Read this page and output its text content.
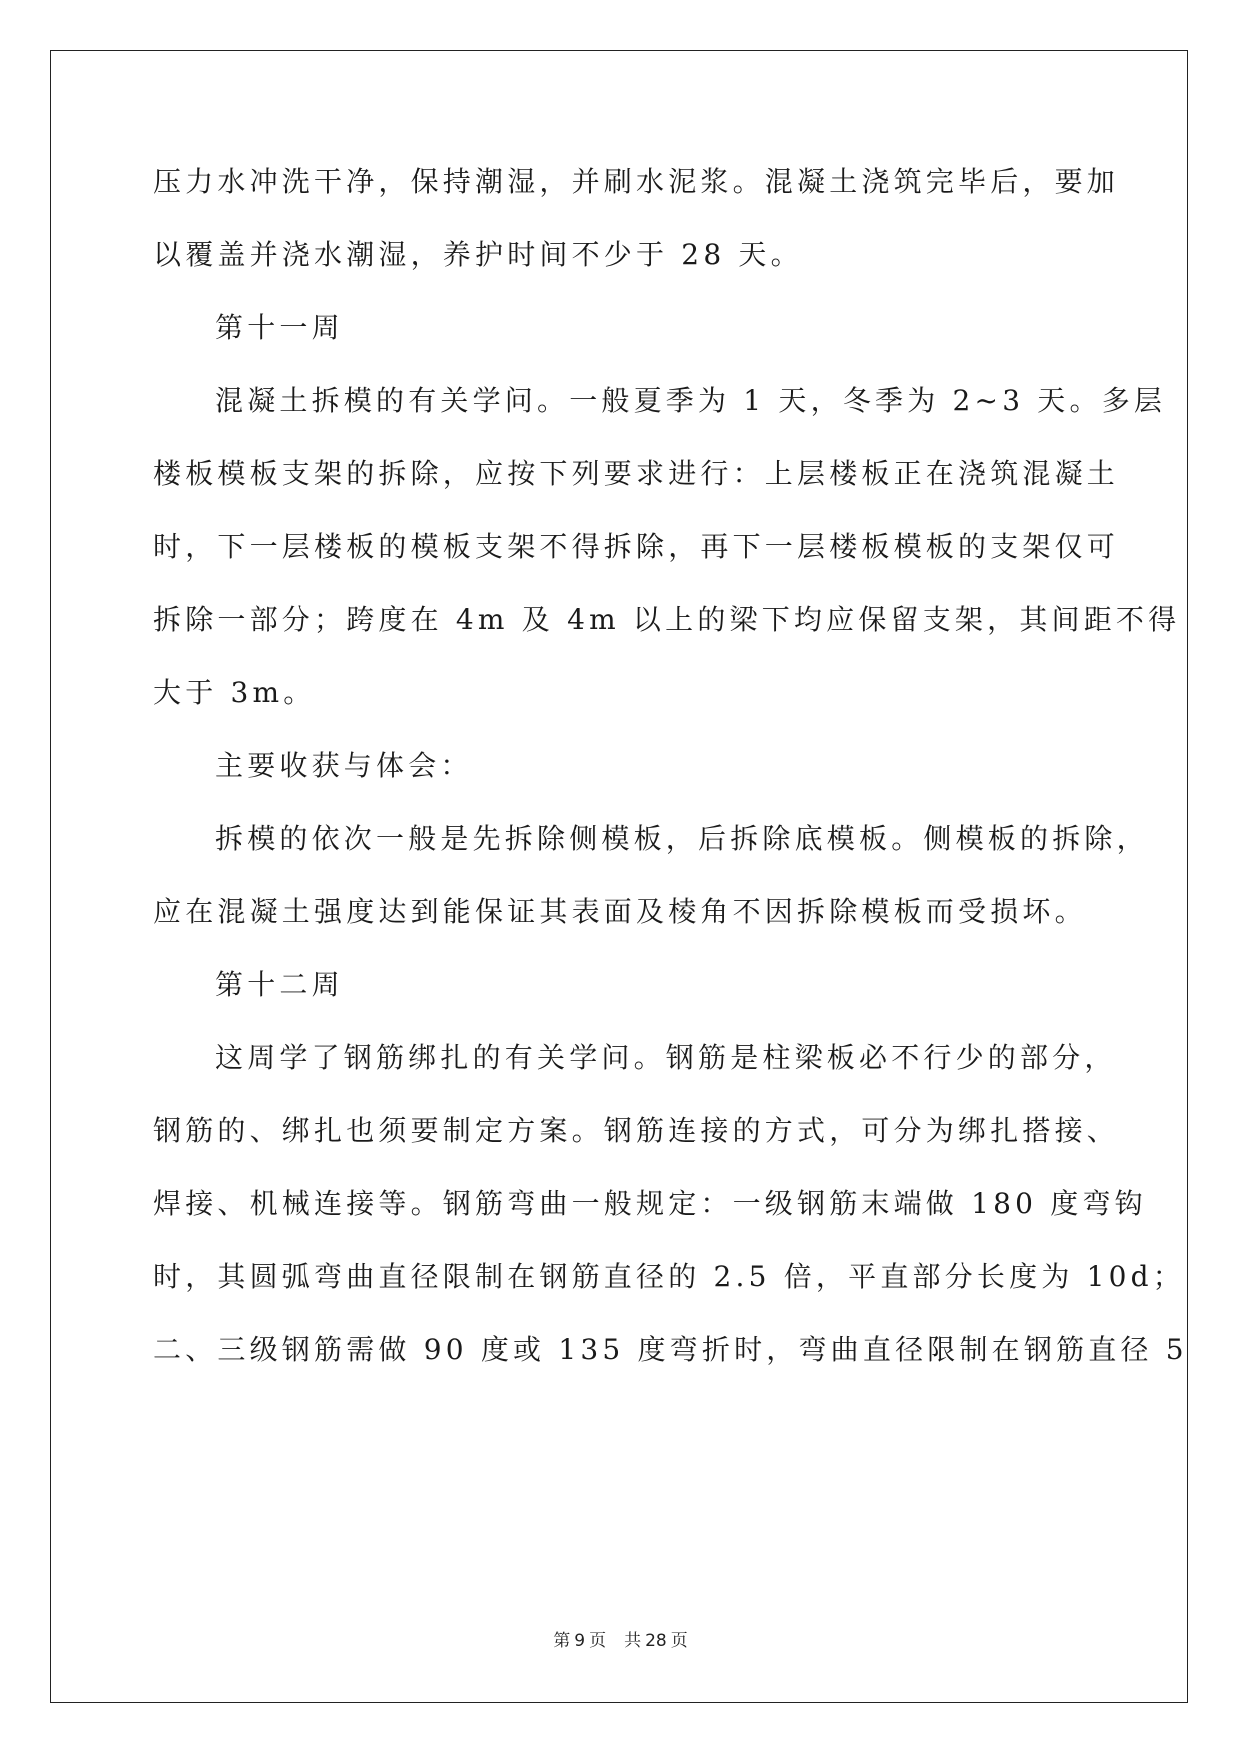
压力水冲洗干净，保持潮湿，并刷水泥浆。混凝土浇筑完毕后，要加
以覆盖并浇水潮湿，养护时间不少于 28 天。
第十一周
混凝土拆模的有关学问。一般夏季为 1 天，冬季为 2~3 天。多层
楼板模板支架的拆除，应按下列要求进行：上层楼板正在浇筑混凝土
时，下一层楼板的模板支架不得拆除，再下一层楼板模板的支架仅可
拆除一部分；跨度在 4m 及 4m 以上的梁下均应保留支架，其间距不得
大于 3m。
主要收获与体会：
拆模的依次一般是先拆除侧模板，后拆除底模板。侧模板的拆除，
应在混凝土强度达到能保证其表面及棱角不因拆除模板而受损坏。
第十二周
这周学了钢筋绑扎的有关学问。钢筋是柱梁板必不行少的部分，
钢筋的、绑扎也须要制定方案。钢筋连接的方式，可分为绑扎搭接、
焊接、机械连接等。钢筋弯曲一般规定：一级钢筋末端做 180 度弯钩
时，其圆弧弯曲直径限制在钢筋直径的 2.5 倍，平直部分长度为 10d；
二、三级钢筋需做 90 度或 135 度弯折时，弯曲直径限制在钢筋直径 5
第 9 页 共 28 页
